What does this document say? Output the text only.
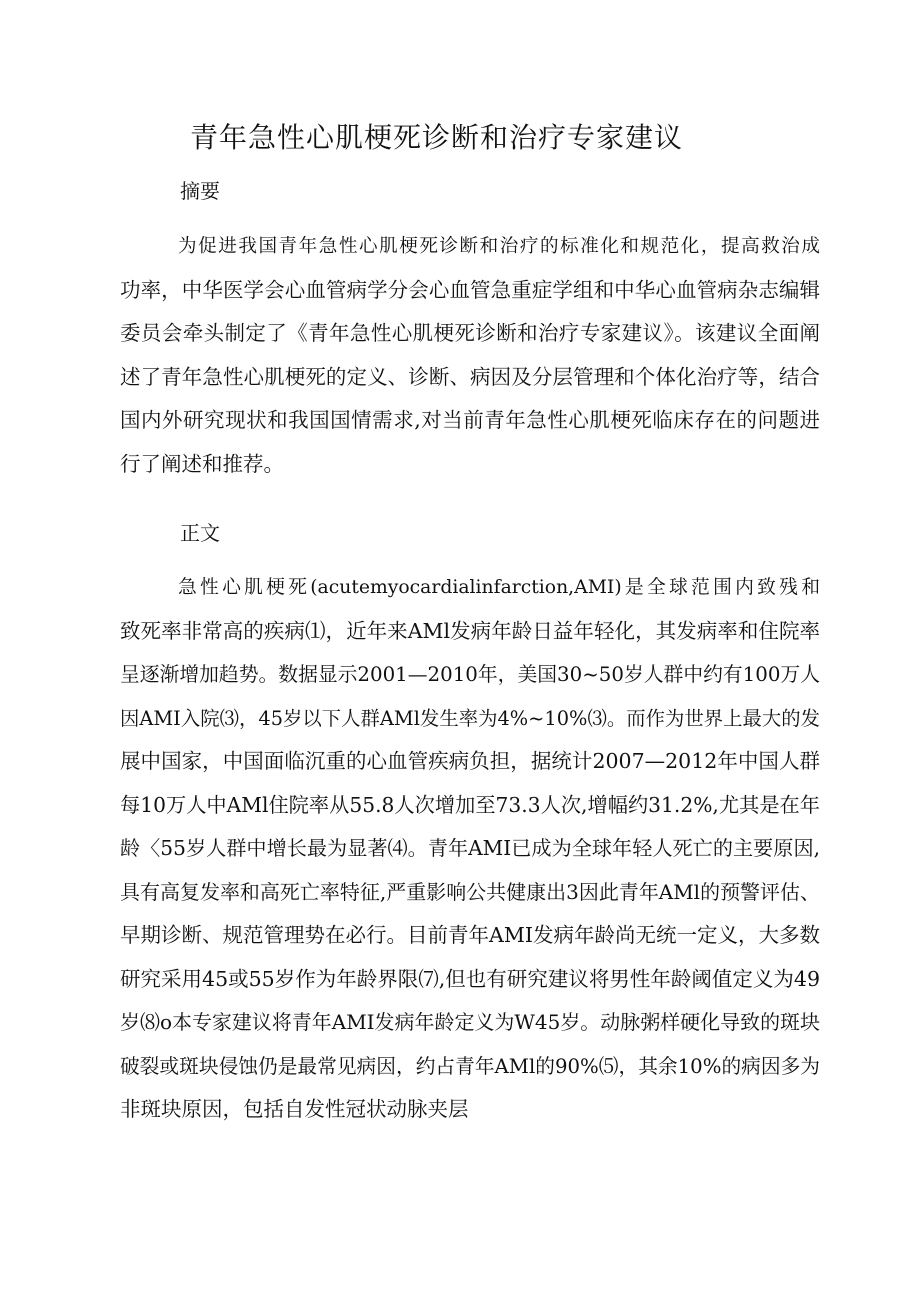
青年急性心肌梗死诊断和治疗专家建议

摘要

为促进我国青年急性心肌梗死诊断和治疗的标准化和规范化，提高救治成
功率，中华医学会心血管病学分会心血管急重症学组和中华心血管病杂志编辑
委员会牵头制定了《青年急性心肌梗死诊断和治疗专家建议》。该建议全面阐
述了青年急性心肌梗死的定义、诊断、病因及分层管理和个体化治疗等，结合
国内外研究现状和我国国情需求,对当前青年急性心肌梗死临床存在的问题进
行了阐述和推荐。

正文

急性心肌梗死(acutemyocardialinfarction,AMI)是全球范围内致残和
致死率非常高的疾病⑴，近年来AMl发病年龄日益年轻化，其发病率和住院率
呈逐渐增加趋势。数据显示2001—2010年，美国30~50岁人群中约有100万人
因AMI入院⑶，45岁以下人群AMl发生率为4%~10%⑶。而作为世界上最大的发
展中国家，中国面临沉重的心血管疾病负担，据统计2007—2012年中国人群
每10万人中AMl住院率从55.8人次增加至73.3人次,增幅约31.2%,尤其是在年
龄〈55岁人群中增长最为显著⑷。青年AMI已成为全球年轻人死亡的主要原因,
具有高复发率和高死亡率特征,严重影响公共健康出3因此青年AMl的预警评估、
早期诊断、规范管理势在必行。目前青年AMI发病年龄尚无统一定义，大多数
研究采用45或55岁作为年龄界限⑺,但也有研究建议将男性年龄阈值定义为49
岁⑻o本专家建议将青年AMI发病年龄定义为W45岁。动脉粥样硬化导致的斑块
破裂或斑块侵蚀仍是最常见病因，约占青年AMl的90%⑸，其余10%的病因多为
非斑块原因，包括自发性冠状动脉夹层
